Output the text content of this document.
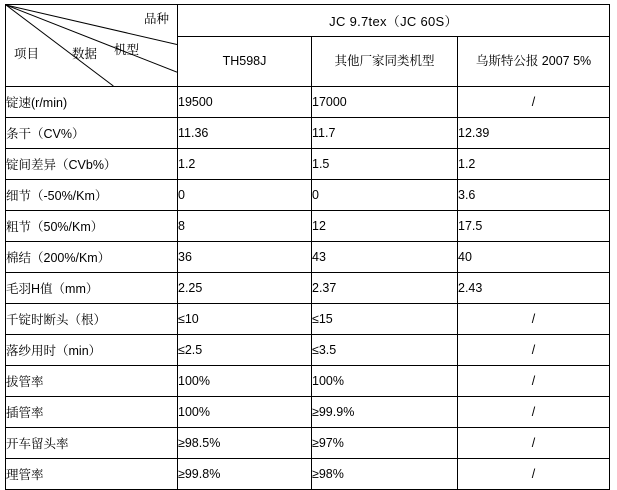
品种
项目 数据 机型	JC 9.7tex（JC 60S）		
	TH598J	其他厂家同类机型	乌斯特公报 2007 5%
锭速(r/min)	19500	17000	/
条干（CV%）	11.36	11.7	12.39
锭间差异（CVb%）	1.2	1.5	1.2
细节（-50%/Km）	0	0	3.6
粗节（50%/Km）	8	12	17.5
棉结（200%/Km）	36	43	40
毛羽H值（mm）	2.25	2.37	2.43
千锭时断头（根）	≤10	≤15	/
落纱用时（min）	≤2.5	≤3.5	/
拔管率	100%	100%	/
插管率	100%	≥99.9%	/
开车留头率	≥98.5%	≥97%	/
理管率	≥99.8%	≥98%	/
